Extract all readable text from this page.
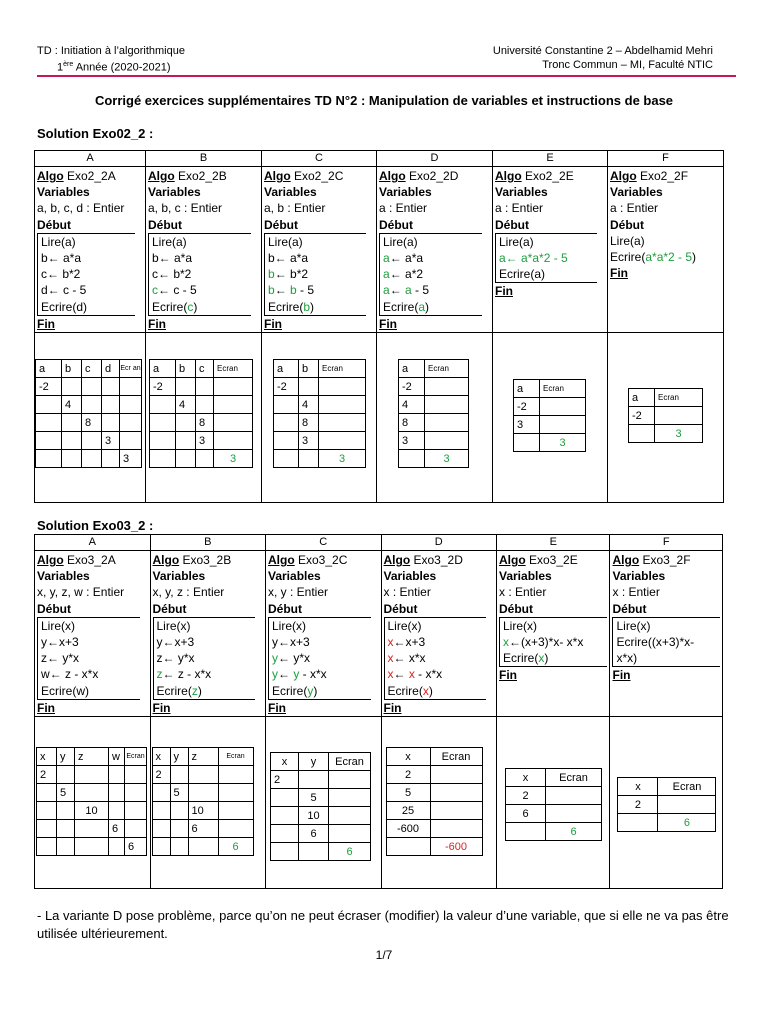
TD : Initiation à l’algorithmique
1ère Année (2020-2021)
Université Constantine 2 – Abdelhamid Mehri
Tronc Commun – MI, Faculté NTIC
Corrigé exercices supplémentaires TD N°2 : Manipulation de variables et instructions de base
Solution Exo02_2 :
A	B	C	D	E	F

Algo Exo2_2A
Variables
a, b, c, d : Entier
Début
Lire(a)
b← a*a
c← b*2
d← c - 5
Ecrire(d)
Fin

Algo Exo2_2B
Variables
a, b, c : Entier
Début
Lire(a)
b← a*a
c← b*2
c← c - 5
Ecrire(c)
Fin

Algo Exo2_2C
Variables
a, b : Entier
Début
Lire(a)
b← a*a
b← b*2
b← b - 5
Ecrire(b)
Fin

Algo Exo2_2D
Variables
a : Entier
Début
Lire(a)
a← a*a
a← a*2
a← a - 5
Ecrire(a)
Fin

Algo Exo2_2E
Variables
a : Entier
Début
Lire(a)
a← a*a*2 - 5
Ecrire(a)
Fin

Algo Exo2_2F
Variables
a : Entier
Début
Lire(a)
Ecrire(a*a*2 - 5)
Fin

a	b	c	d	Ecr an
-2				
	4			
		8		
			3	
				3

a	b	c	Ecran
-2			
	4		
		8	
		3	
			3

a	b	Ecran
-2		
	4	
	8	
	3	
		3

a	Ecran
-2	
4	
8	
3	
	3

a	Ecran
-2	
3	
	3

a	Ecran
-2	
	3
Solution Exo03_2 :
A	B	C	D	E	F

Algo Exo3_2A
Variables
x, y, z, w : Entier
Début
Lire(x)
y←x+3
z← y*x
w← z - x*x
Ecrire(w)
Fin

Algo Exo3_2B
Variables
x, y, z : Entier
Début
Lire(x)
y←x+3
z← y*x
z← z - x*x
Ecrire(z)
Fin

Algo Exo3_2C
Variables
x, y : Entier
Début
Lire(x)
y←x+3
y← y*x
y← y - x*x
Ecrire(y)
Fin

Algo Exo3_2D
Variables
x : Entier
Début
Lire(x)
x←x+3
x← x*x
x← x - x*x
Ecrire(x)
Fin

Algo Exo3_2E
Variables
x : Entier
Début
Lire(x)
x←(x+3)*x- x*x
Ecrire(x)
Fin

Algo Exo3_2F
Variables
x : Entier
Début
Lire(x)
Ecrire((x+3)*x-
x*x)
Fin

x	y	z	w	Ecran
2				
	5			
		10		
			6	
				6

x	y	z	Ecran
2			
	5		
		10	
		6	
			6

x	y	Ecran
2		
	5	
	10	
	6	
		6

x	Ecran
2	
5	
25	
-600	
	-600

x	Ecran
2	
6	
	6

x	Ecran
2	
	6
- La variante D pose problème, parce qu’on ne peut écraser (modifier) la valeur d’une variable, que si elle ne va pas être utilisée ultérieurement.
1/7
